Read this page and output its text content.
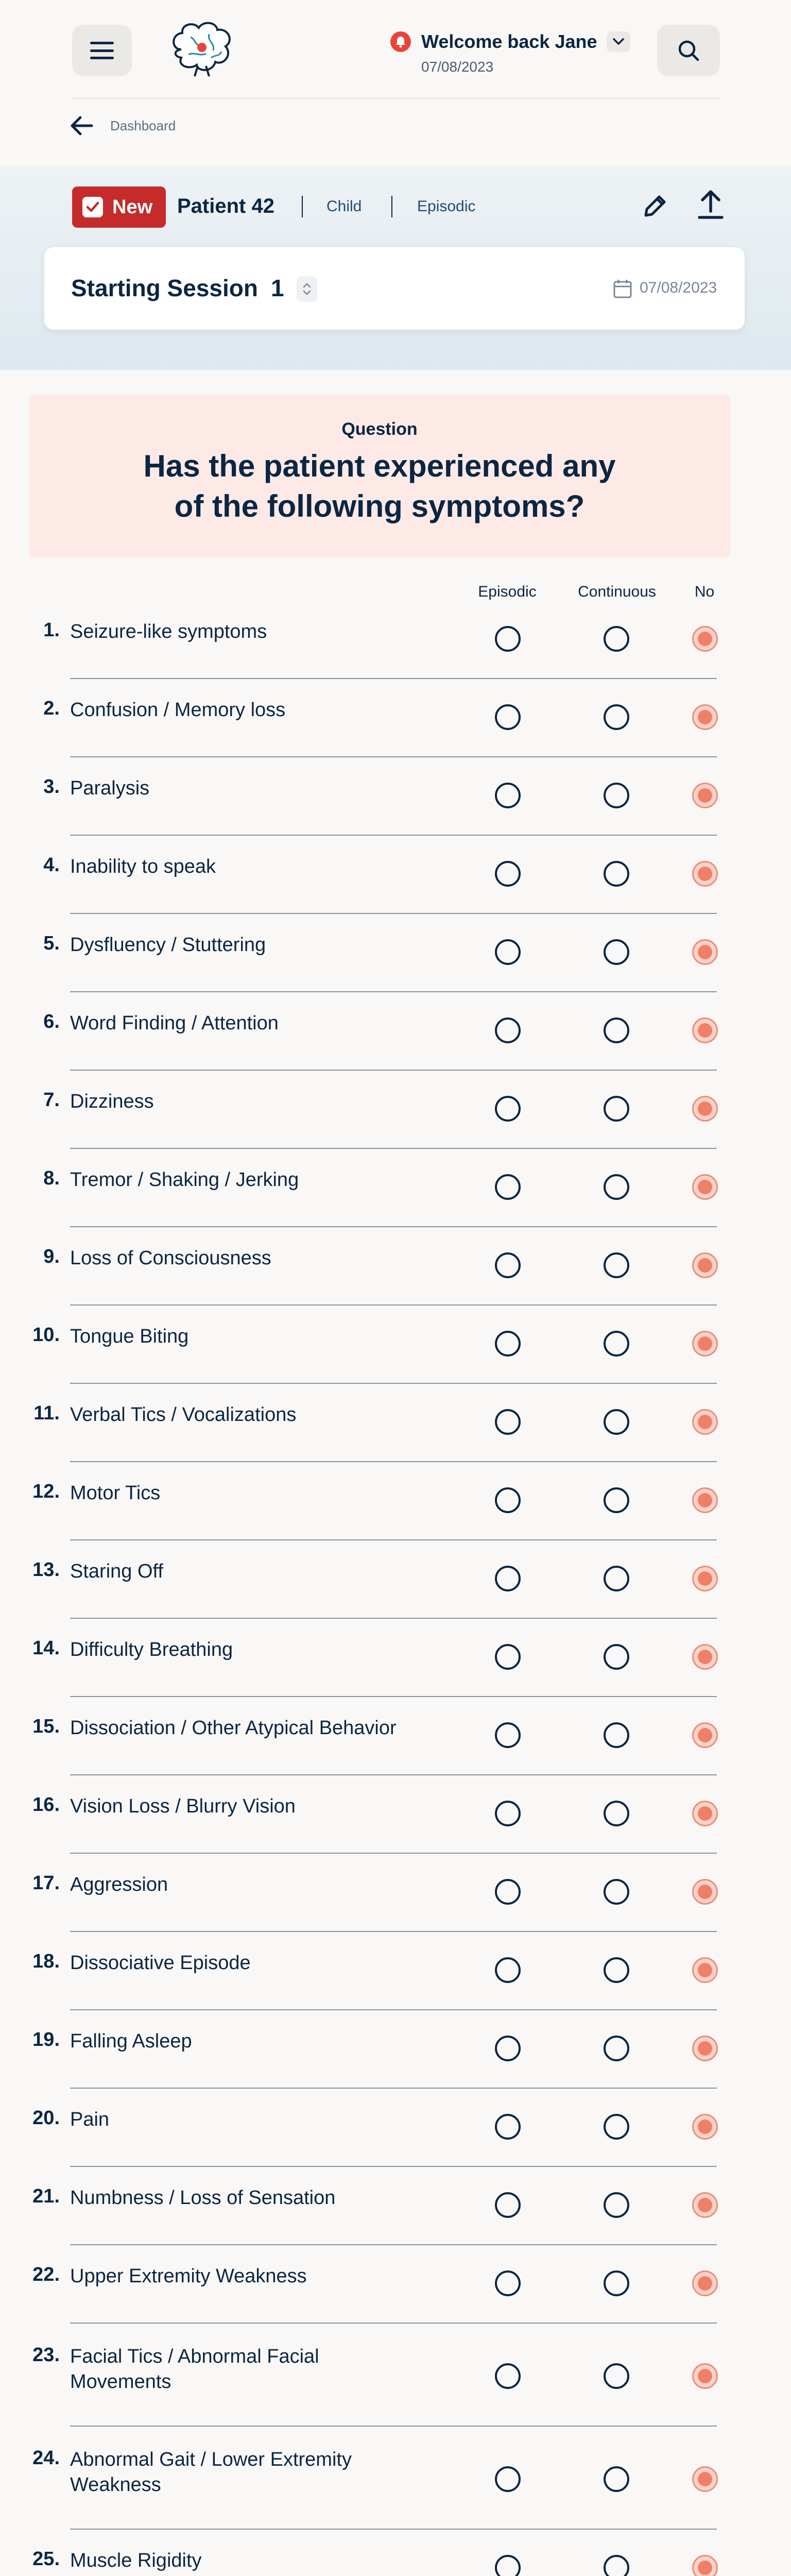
Welcome back Jane
07/08/2023
Dashboard
New Patient 42	Child	Episodic
Starting Session 1	07/08/2023
Question
Has the patient experienced any of the following symptoms?
Episodic	Continuous	No
1. Seizure-like symptoms
2. Confusion / Memory loss
3. Paralysis
4. Inability to speak
5. Dysfluency / Stuttering
6. Word Finding / Attention
7. Dizziness
8. Tremor / Shaking / Jerking
9. Loss of Consciousness
10. Tongue Biting
11. Verbal Tics / Vocalizations
12. Motor Tics
13. Staring Off
14. Difficulty Breathing
15. Dissociation / Other Atypical Behavior
16. Vision Loss / Blurry Vision
17. Aggression
18. Dissociative Episode
19. Falling Asleep
20. Pain
21. Numbness / Loss of Sensation
22. Upper Extremity Weakness
23. Facial Tics / Abnormal Facial Movements
24. Abnormal Gait / Lower Extremity Weakness
25. Muscle Rigidity
